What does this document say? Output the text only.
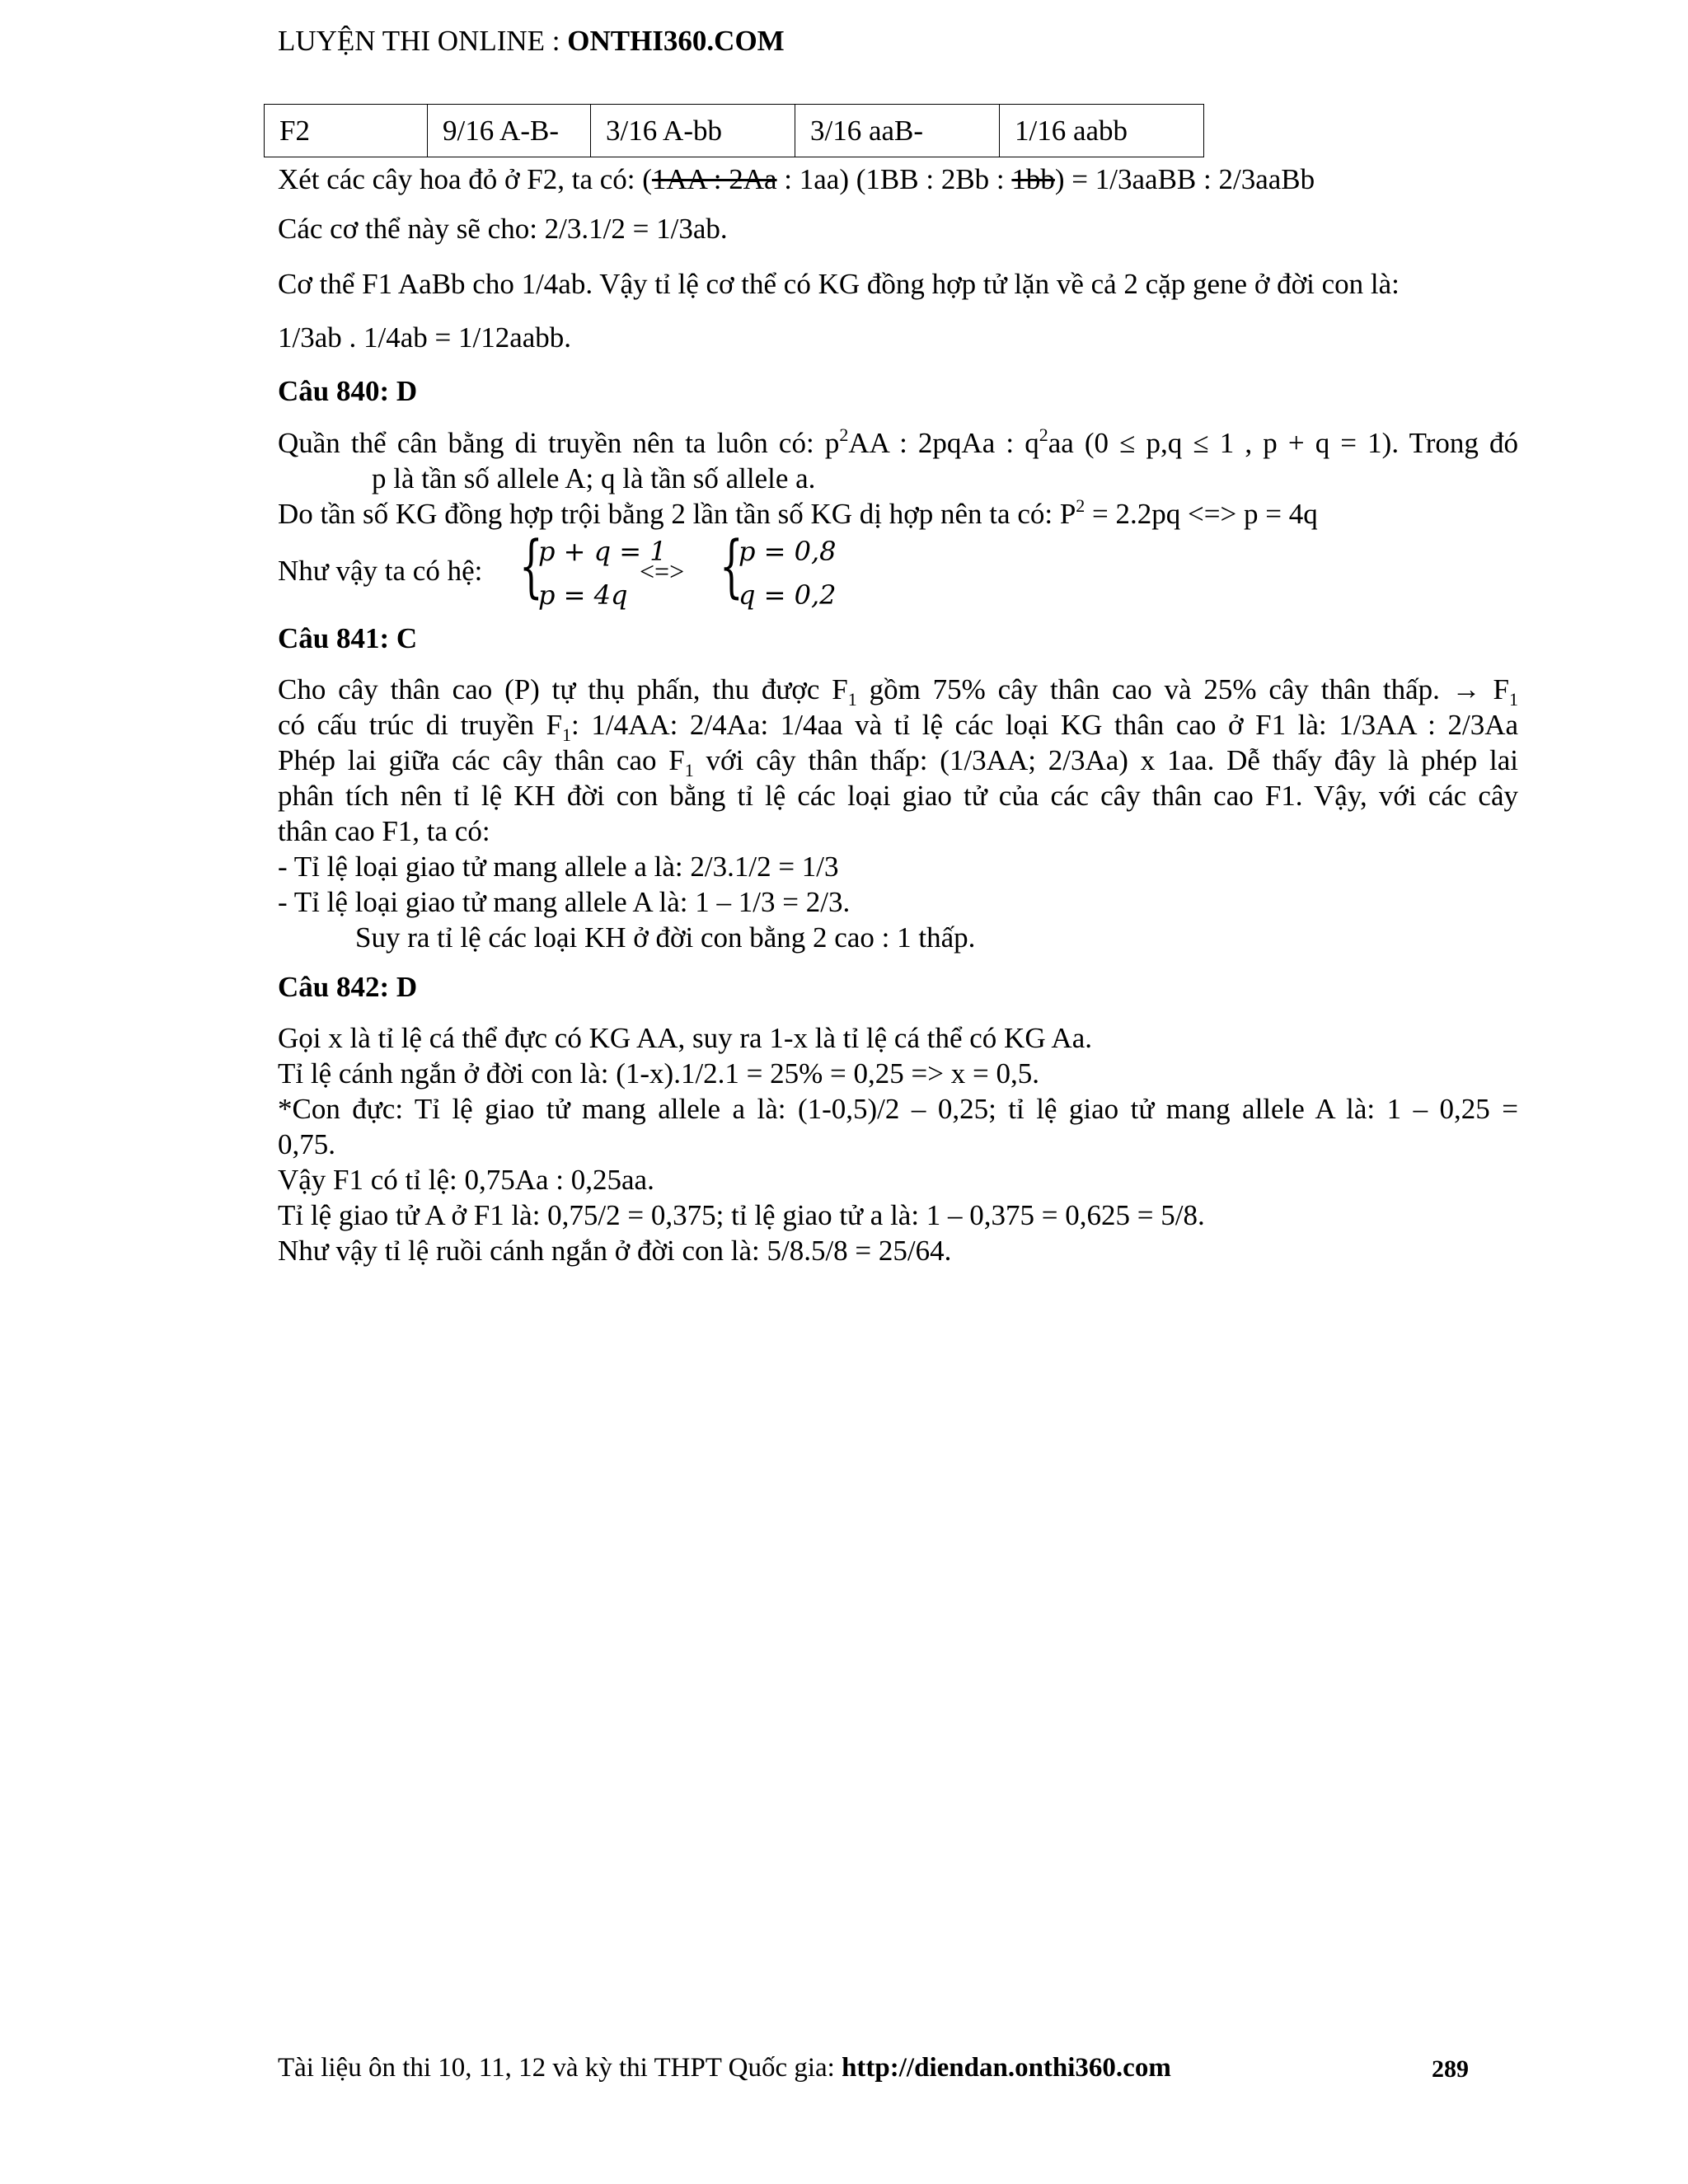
LUYỆN THI ONLINE : ONTHI360.COM
F2	9/16 A-B-	3/16 A-bb	3/16 aaB-	1/16 aabb
Xét các cây hoa đỏ ở F2, ta có: (1AA : 2Aa : 1aa) (1BB : 2Bb : 1bb) = 1/3aaBB : 2/3aaBb
Các cơ thể này sẽ cho: 2/3.1/2 = 1/3ab.
Cơ thể F1 AaBb cho 1/4ab. Vậy tỉ lệ cơ thể có KG đồng hợp tử lặn về cả 2 cặp gene ở đời con là:
1/3ab . 1/4ab = 1/12aabb.
Câu 840: D
Quần thể cân bằng di truyền nên ta luôn có: $p^2AA$ : 2pqAa : $q^2aa$ (0 ≤ p,q ≤ 1 , p + q = 1). Trong đó
p là tần số allele A; q là tần số allele a.
Do tần số KG đồng hợp trội bằng 2 lần tần số KG dị hợp nên ta có: $P^2 = 2.2pq$ <=> p = 4q
Như vậy ta có hệ: {
p + q = 1
p = 4q
<=> {
p = 0,8
q = 0,2
Câu 841: C
Cho cây thân cao (P) tự thụ phấn, thu được $F_1$ gồm 75% cây thân cao và 25% cây thân thấp. → $F_1$
có cấu trúc di truyền $F_1$: 1/4AA: 2/4Aa: 1/4aa và tỉ lệ các loại KG thân cao ở F1 là: 1/3AA : 2/3Aa
Phép lai giữa các cây thân cao $F_1$ với cây thân thấp: (1/3AA; 2/3Aa) x 1aa. Dễ thấy đây là phép lai
phân tích nên tỉ lệ KH đời con bằng tỉ lệ các loại giao tử của các cây thân cao F1. Vậy, với các cây
thân cao F1, ta có:
- Tỉ lệ loại giao tử mang allele a là: 2/3.1/2 = 1/3
- Tỉ lệ loại giao tử mang allele A là: 1 – 1/3 = 2/3.
Suy ra tỉ lệ các loại KH ở đời con bằng 2 cao : 1 thấp.
Câu 842: D
Gọi x là tỉ lệ cá thể đực có KG AA, suy ra 1-x là tỉ lệ cá thể có KG Aa.
Tỉ lệ cánh ngắn ở đời con là: (1-x).1/2.1 = 25% = 0,25 => x = 0,5.
*Con đực: Tỉ lệ giao tử mang allele a là: (1-0,5)/2 – 0,25; tỉ lệ giao tử mang allele A là: 1 – 0,25 =
0,75.
Vậy F1 có tỉ lệ: 0,75Aa : 0,25aa.
Tỉ lệ giao tử A ở F1 là: 0,75/2 = 0,375; tỉ lệ giao tử a là: 1 – 0,375 = 0,625 = 5/8.
Như vậy tỉ lệ ruồi cánh ngắn ở đời con là: 5/8.5/8 = 25/64.
Tài liệu ôn thi 10, 11, 12 và kỳ thi THPT Quốc gia: http://diendan.onthi360.com	289
